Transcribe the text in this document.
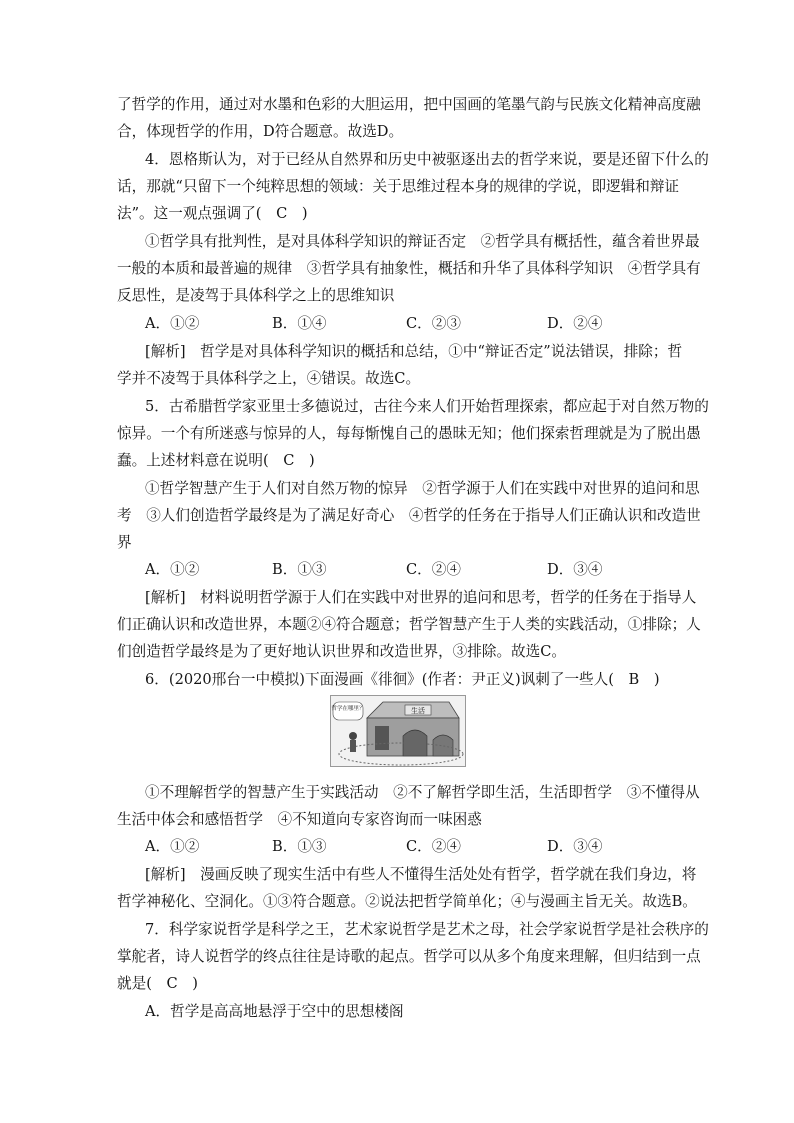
了哲学的作用，通过对水墨和色彩的大胆运用，把中国画的笔墨气韵与民族文化精神高度融
合，体现哲学的作用，D符合题意。故选D。
4．恩格斯认为，对于已经从自然界和历史中被驱逐出去的哲学来说，要是还留下什么的
话，那就“只留下一个纯粹思想的领域：关于思维过程本身的规律的学说，即逻辑和辩证
法”。这一观点强调了(　C　)
①哲学具有批判性，是对具体科学知识的辩证否定　②哲学具有概括性，蕴含着世界最
一般的本质和最普遍的规律　③哲学具有抽象性，概括和升华了具体科学知识　④哲学具有
反思性，是凌驾于具体科学之上的思维知识
A．①②	B．①④	C．②③	D．②④
[解析]　哲学是对具体科学知识的概括和总结，①中“辩证否定”说法错误，排除；哲
学并不凌驾于具体科学之上，④错误。故选C。
5．古希腊哲学家亚里士多德说过，古往今来人们开始哲理探索，都应起于对自然万物的
惊异。一个有所迷惑与惊异的人，每每惭愧自己的愚昧无知；他们探索哲理就是为了脱出愚
蠢。上述材料意在说明(　C　)
①哲学智慧产生于人们对自然万物的惊异　②哲学源于人们在实践中对世界的追问和思
考　③人们创造哲学最终是为了满足好奇心　④哲学的任务在于指导人们正确认识和改造世
界
A．①②	B．①③	C．②④	D．③④
[解析]　材料说明哲学源于人们在实践中对世界的追问和思考，哲学的任务在于指导人
们正确认识和改造世界，本题②④符合题意；哲学智慧产生于人类的实践活动，①排除；人
们创造哲学最终是为了更好地认识世界和改造世界，③排除。故选C。
6．(2020邢台一中模拟)下面漫画《徘徊》(作者：尹正义)讽刺了一些人(　B　)
生活
哲学在哪里？
①不理解哲学的智慧产生于实践活动　②不了解哲学即生活，生活即哲学　③不懂得从
生活中体会和感悟哲学　④不知道向专家咨询而一味困惑
A．①②	B．①③	C．②④	D．③④
[解析]　漫画反映了现实生活中有些人不懂得生活处处有哲学，哲学就在我们身边，将
哲学神秘化、空洞化。①③符合题意。②说法把哲学简单化；④与漫画主旨无关。故选B。
7．科学家说哲学是科学之王，艺术家说哲学是艺术之母，社会学家说哲学是社会秩序的
掌舵者，诗人说哲学的终点往往是诗歌的起点。哲学可以从多个角度来理解，但归结到一点
就是(　C　)
A．哲学是高高地悬浮于空中的思想楼阁
